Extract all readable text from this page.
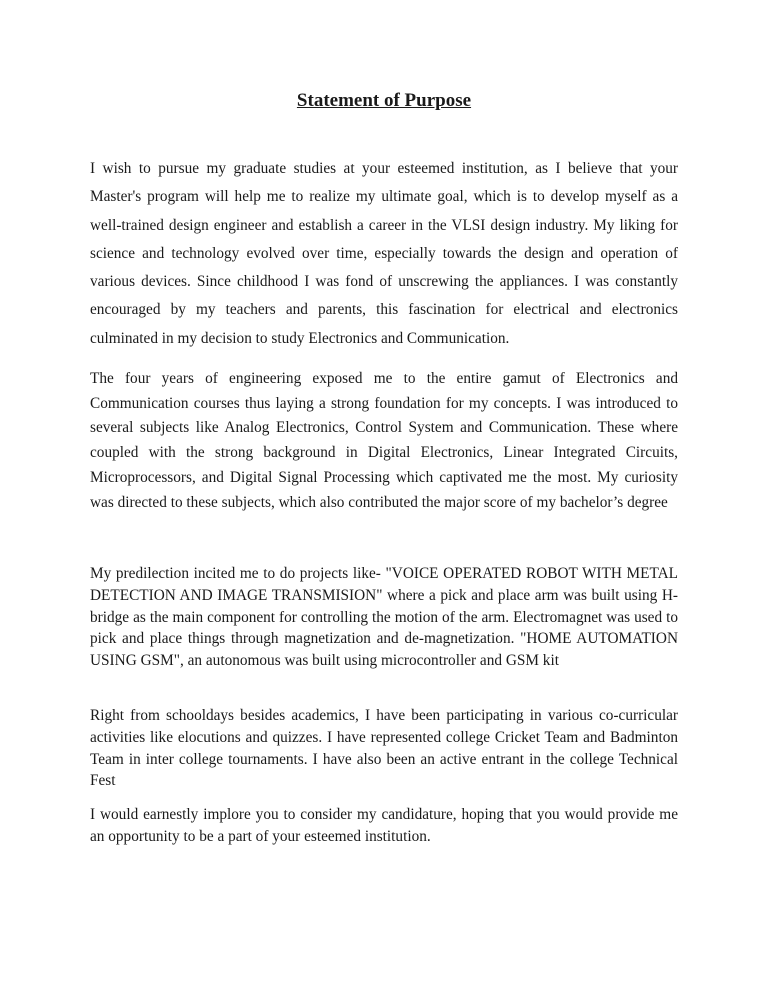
Statement of Purpose

I wish to pursue my graduate studies at your esteemed institution, as I believe that your Master's program will help me to realize my ultimate goal, which is to develop myself as a well-trained design engineer and establish a career in the VLSI design industry. My liking for science and technology evolved over time, especially towards the design and operation of various devices. Since childhood I was fond of unscrewing the appliances. I was constantly encouraged by my teachers and parents, this fascination for electrical and electronics culminated in my decision to study Electronics and Communication.

The four years of engineering exposed me to the entire gamut of Electronics and Communication courses thus laying a strong foundation for my concepts. I was introduced to several subjects like Analog Electronics, Control System and Communication. These where coupled with the strong background in Digital Electronics, Linear Integrated Circuits, Microprocessors, and Digital Signal Processing which captivated me the most. My curiosity was directed to these subjects, which also contributed the major score of my bachelor’s degree

My predilection incited me to do projects like- "VOICE OPERATED ROBOT WITH METAL DETECTION AND IMAGE TRANSMISION" where a pick and place arm was built using H-bridge as the main component for controlling the motion of the arm. Electromagnet was used to pick and place things through magnetization and de-magnetization. "HOME AUTOMATION USING GSM", an autonomous was built using microcontroller and GSM kit

Right from schooldays besides academics, I have been participating in various co-curricular activities like elocutions and quizzes. I have represented college Cricket Team and Badminton Team in inter college tournaments. I have also been an active entrant in the college Technical Fest

I would earnestly implore you to consider my candidature, hoping that you would provide me an opportunity to be a part of your esteemed institution.
